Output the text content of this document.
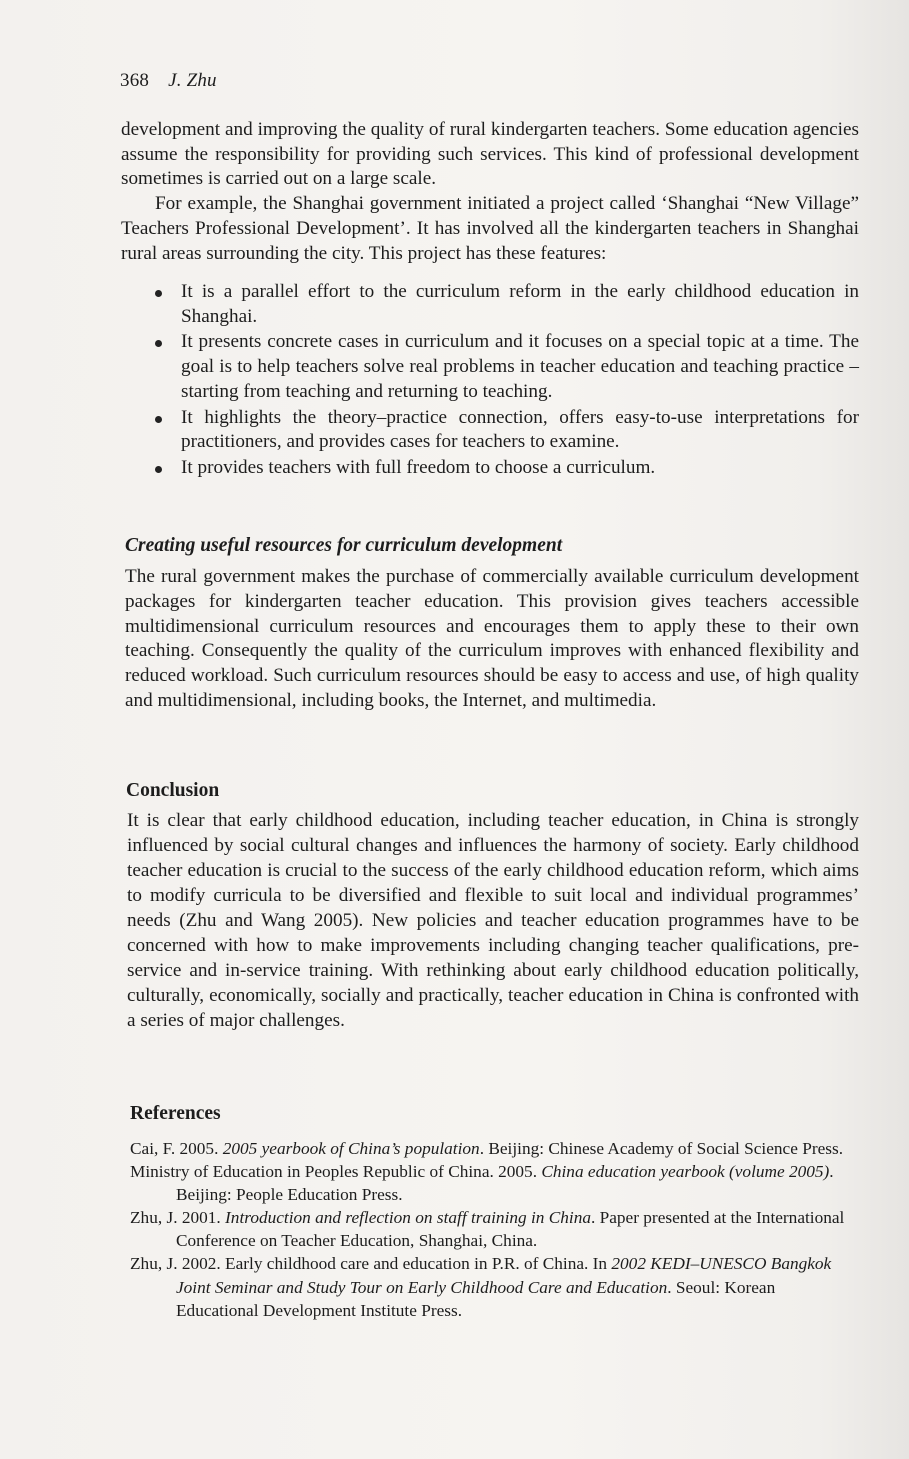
368 J. Zhu

development and improving the quality of rural kindergarten teachers. Some education agencies assume the responsibility for providing such services. This kind of professional development sometimes is carried out on a large scale.

For example, the Shanghai government initiated a project called ‘Shanghai “New Village” Teachers Professional Development’. It has involved all the kindergarten teachers in Shanghai rural areas surrounding the city. This project has these features:

It is a parallel effort to the curriculum reform in the early childhood education in Shanghai.
It presents concrete cases in curriculum and it focuses on a special topic at a time. The goal is to help teachers solve real problems in teacher education and teaching practice – starting from teaching and returning to teaching.
It highlights the theory–practice connection, offers easy-to-use interpretations for practitioners, and provides cases for teachers to examine.
It provides teachers with full freedom to choose a curriculum.
Creating useful resources for curriculum development

The rural government makes the purchase of commercially available curriculum development packages for kindergarten teacher education. This provision gives teachers accessible multidimensional curriculum resources and encourages them to apply these to their own teaching. Consequently the quality of the curriculum improves with enhanced flexibility and reduced workload. Such curriculum resources should be easy to access and use, of high quality and multidimensional, including books, the Internet, and multimedia.

Conclusion

It is clear that early childhood education, including teacher education, in China is strongly influenced by social cultural changes and influences the harmony of society. Early childhood teacher education is crucial to the success of the early childhood education reform, which aims to modify curricula to be diversified and flexible to suit local and individual programmes’ needs (Zhu and Wang 2005). New policies and teacher education programmes have to be concerned with how to make improvements including changing teacher qualifications, pre-service and in-service training. With rethinking about early childhood education politically, culturally, economically, socially and practically, teacher education in China is confronted with a series of major challenges.

References

Cai, F. 2005. 2005 yearbook of China’s population. Beijing: Chinese Academy of Social Science Press.

Ministry of Education in Peoples Republic of China. 2005. China education yearbook (volume 2005). Beijing: People Education Press.

Zhu, J. 2001. Introduction and reflection on staff training in China. Paper presented at the International Conference on Teacher Education, Shanghai, China.

Zhu, J. 2002. Early childhood care and education in P.R. of China. In 2002 KEDI–UNESCO Bangkok Joint Seminar and Study Tour on Early Childhood Care and Education. Seoul: Korean Educational Development Institute Press.
